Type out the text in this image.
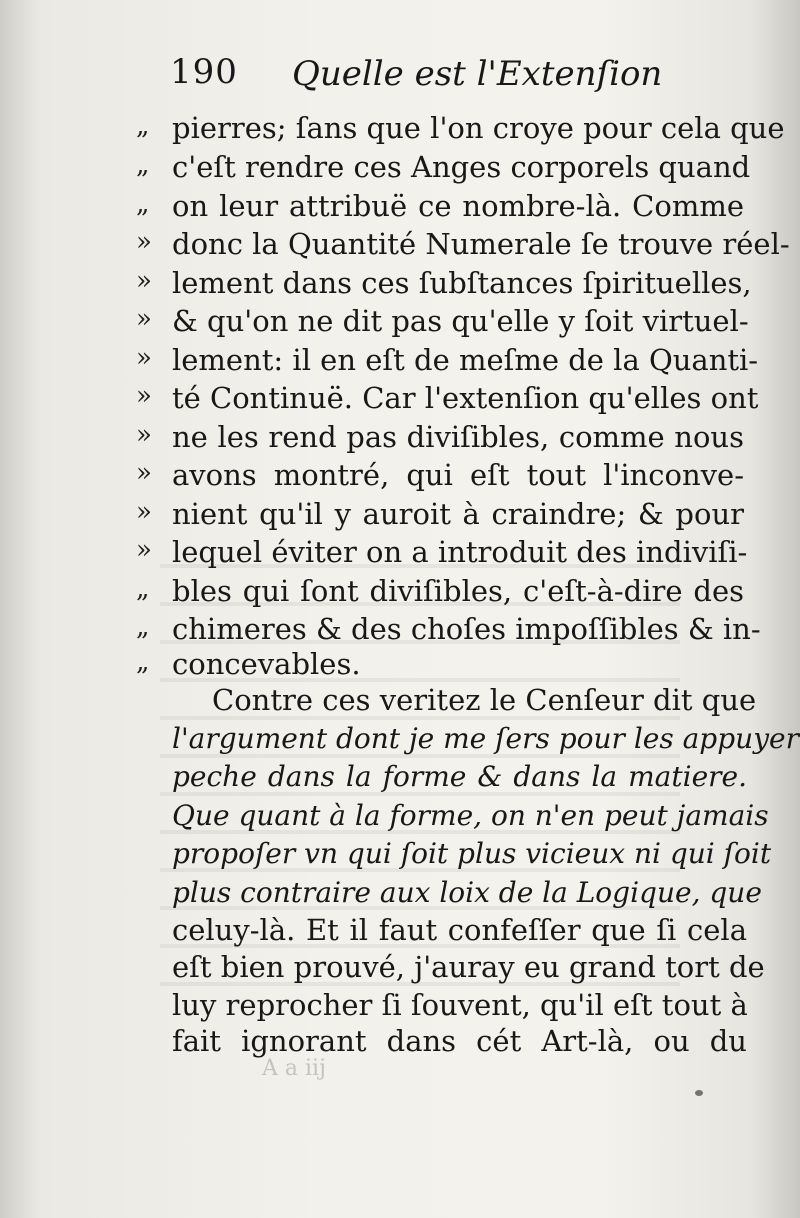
190 Quelle est l'Extenſion
„ pierres; ſans que l'on croye pour cela que
„ c'eſt rendre ces Anges corporels quand
„ on leur attribuë ce nombre-là. Comme
» donc la Quantité Numerale ſe trouve réel-
» lement dans ces ſubſtances ſpirituelles,
» & qu'on ne dit pas qu'elle y ſoit virtuel-
» lement: il en eſt de meſme de la Quanti-
» té Continuë. Car l'extenſion qu'elles ont
» ne les rend pas diviſibles, comme nous
» avons montré, qui eſt tout l'inconve-
» nient qu'il y auroit à craindre; & pour
» lequel éviter on a introduit des indiviſi-
„ bles qui ſont diviſibles, c'eſt-à-dire des
„ chimeres & des choſes impoſſibles & in-
„ concevables.
Contre ces veritez le Cenſeur dit que
l'argument dont je me ſers pour les appuyer
peche dans la forme & dans la matiere.
Que quant à la forme, on n'en peut jamais
propoſer vn qui ſoit plus vicieux ni qui ſoit
plus contraire aux loix de la Logique, que
celuy-là. Et il faut confeſſer que ſi cela
eſt bien prouvé, j'auray eu grand tort de
luy reprocher ſi ſouvent, qu'il eſt tout à
fait ignorant dans cét Art-là, ou du
A a iij
